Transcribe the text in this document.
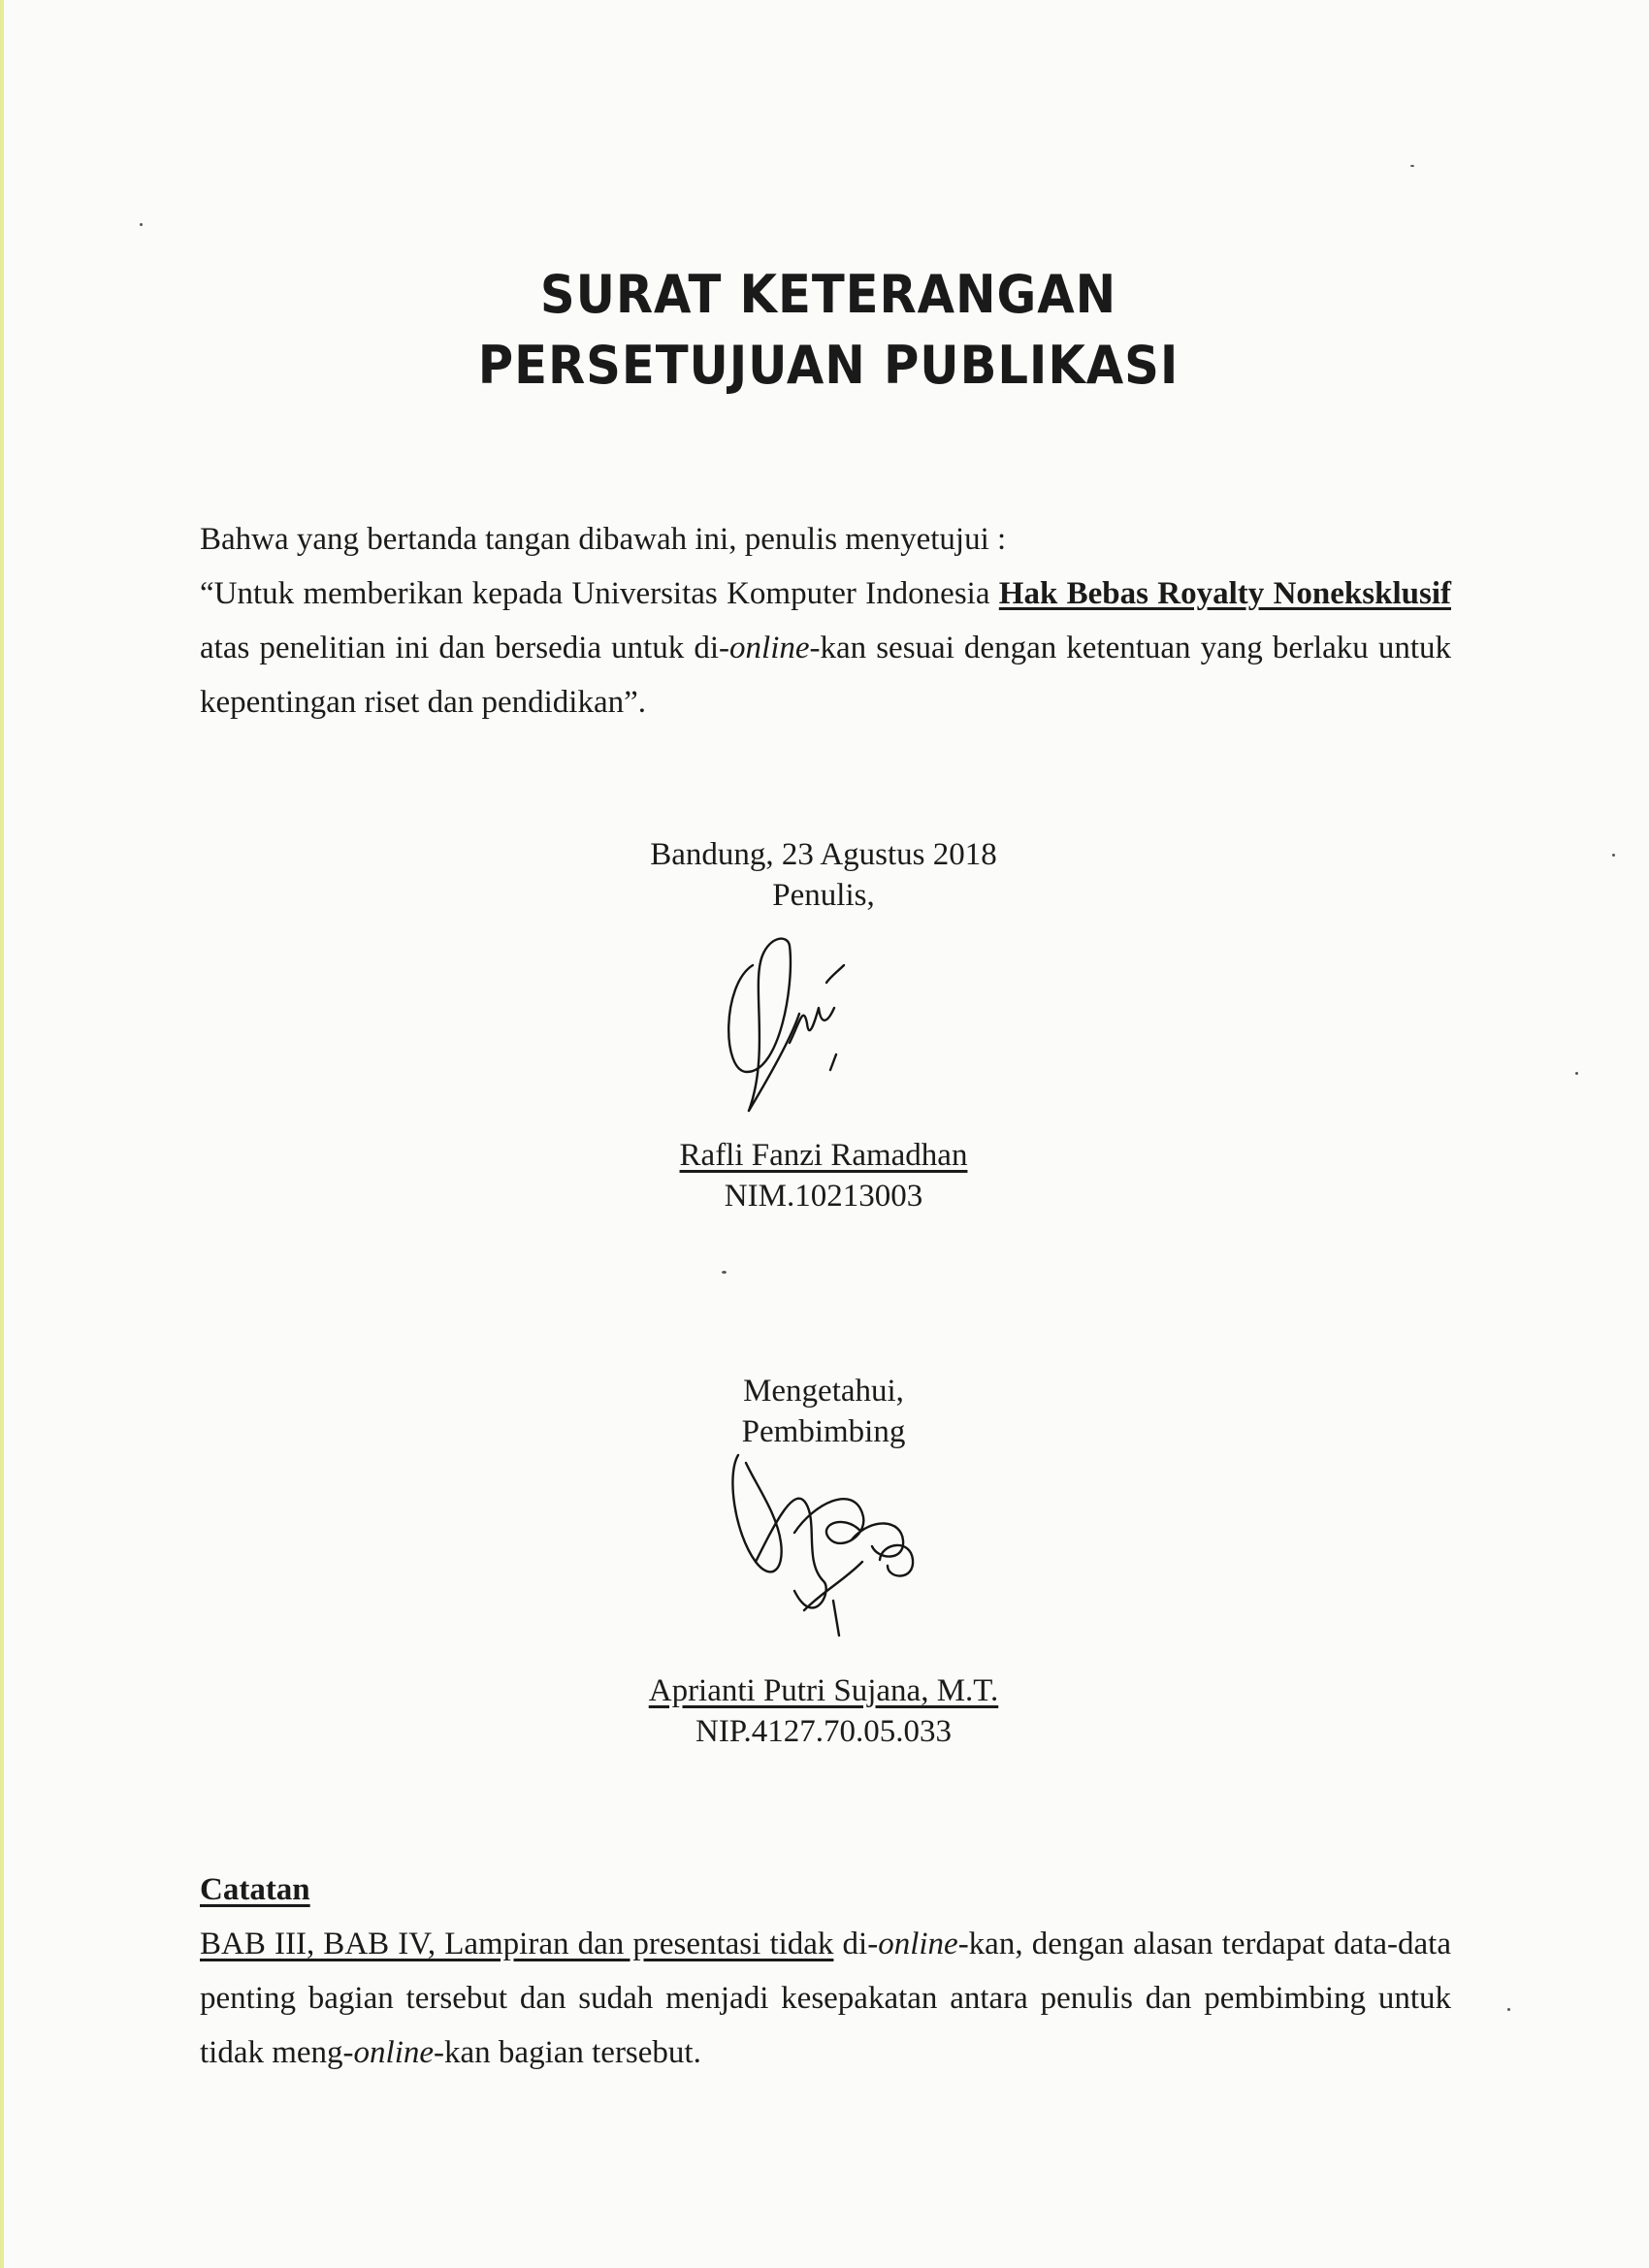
SURAT KETERANGAN
PERSETUJUAN PUBLIKASI
Bahwa yang bertanda tangan dibawah ini, penulis menyetujui :
“Untuk memberikan kepada Universitas Komputer Indonesia Hak Bebas Royalty Noneksklusif
atas penelitian ini dan bersedia untuk di-online-kan sesuai dengan ketentuan yang berlaku untuk
kepentingan riset dan pendidikan”.
Bandung, 23 Agustus 2018
Penulis,
Rafli Fanzi Ramadhan
NIM.10213003
Mengetahui,
Pembimbing
Aprianti Putri Sujana, M.T.
NIP.4127.70.05.033
Catatan
BAB III, BAB IV, Lampiran dan presentasi tidak di-online-kan, dengan alasan terdapat data-data
penting bagian tersebut dan sudah menjadi kesepakatan antara penulis dan pembimbing untuk
tidak meng-online-kan bagian tersebut.
